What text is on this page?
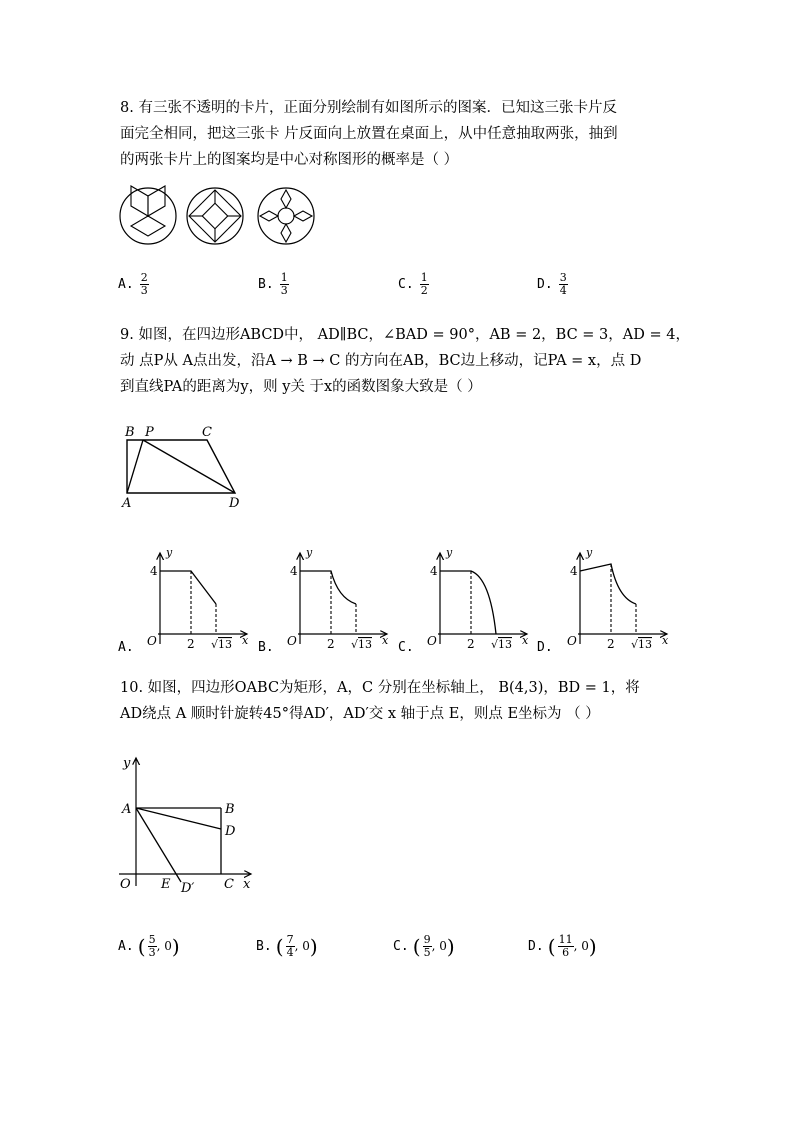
8. 有三张不透明的卡片，正面分别绘制有如图所示的图案．已知这三张卡片反
面完全相同，把这三张卡 片反面向上放置在桌面上，从中任意抽取两张，抽到
的两张卡片上的图案均是中心对称图形的概率是（ ）
A. $\frac{2}{3}$	B. $\frac{1}{3}$	C. $\frac{1}{2}$	D. $\frac{3}{4}$
9. 如图，在四边形ABCD中， AD∥BC，∠BAD = 90°，AB = 2，BC = 3，AD = 4，
动 点P从 A点出发，沿A → B → C 的方向在AB，BC边上移动，记PA = x，点 D
到直线PA的距离为y，则 y关 于x的函数图象大致是（ ）
B P	C
A	D
y
x
O
4
2 √ 13
y
x
O
4
2 √ 13
y
x
O
4
2 √ 13
y
x
O
4
2 √ 13
A.	B.	C.	D.
10. 如图，四边形OABC为矩形，A，C 分别在坐标轴上， B(4,3)，BD = 1，将
AD绕点 A 顺时针旋转45°得AD′，AD′交 x 轴于点 E，则点 E坐标为 （ ）
y
A	B
D
O E D′ C x
A. ( $\frac{5}{3}$ , 0)	B. ( $\frac{7}{4}$ , 0)	C. ( $\frac{9}{5}$ , 0)	D. ( $\frac{11}{6}$ , 0)
